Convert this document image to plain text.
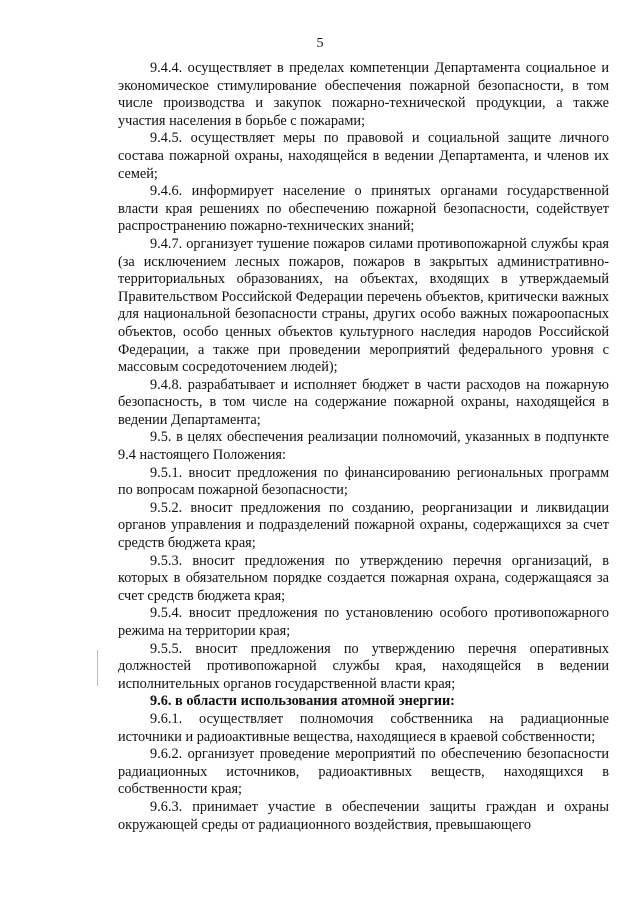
5

9.4.4. осуществляет в пределах компетенции Департамента социальное и экономическое стимулирование обеспечения пожарной безопасности, в том числе производства и закупок пожарно-технической продукции, а также участия населения в борьбе с пожарами;

9.4.5. осуществляет меры по правовой и социальной защите личного состава пожарной охраны, находящейся в ведении Департамента, и членов их семей;

9.4.6. информирует население о принятых органами государственной власти края решениях по обеспечению пожарной безопасности, содействует распространению пожарно-технических знаний;

9.4.7. организует тушение пожаров силами противопожарной службы края (за исключением лесных пожаров, пожаров в закрытых административно-территориальных образованиях, на объектах, входящих в утверждаемый Правительством Российской Федерации перечень объектов, критически важных для национальной безопасности страны, других особо важных пожароопасных объектов, особо ценных объектов культурного наследия народов Российской Федерации, а также при проведении мероприятий федерального уровня с массовым сосредоточением людей);

9.4.8. разрабатывает и исполняет бюджет в части расходов на пожарную безопасность, в том числе на содержание пожарной охраны, находящейся в ведении Департамента;

9.5. в целях обеспечения реализации полномочий, указанных в подпункте 9.4 настоящего Положения:

9.5.1. вносит предложения по финансированию региональных программ по вопросам пожарной безопасности;

9.5.2. вносит предложения по созданию, реорганизации и ликвидации органов управления и подразделений пожарной охраны, содержащихся за счет средств бюджета края;

9.5.3. вносит предложения по утверждению перечня организаций, в которых в обязательном порядке создается пожарная охрана, содержащаяся за счет средств бюджета края;

9.5.4. вносит предложения по установлению особого противопожарного режима на территории края;

9.5.5. вносит предложения по утверждению перечня оперативных должностей противопожарной службы края, находящейся в ведении исполнительных органов государственной власти края;

9.6. в области использования атомной энергии:

9.6.1. осуществляет полномочия собственника на радиационные источники и радиоактивные вещества, находящиеся в краевой собственности;

9.6.2. организует проведение мероприятий по обеспечению безопасности радиационных источников, радиоактивных веществ, находящихся в собственности края;

9.6.3. принимает участие в обеспечении защиты граждан и охраны окружающей среды от радиационного воздействия, превышающего
